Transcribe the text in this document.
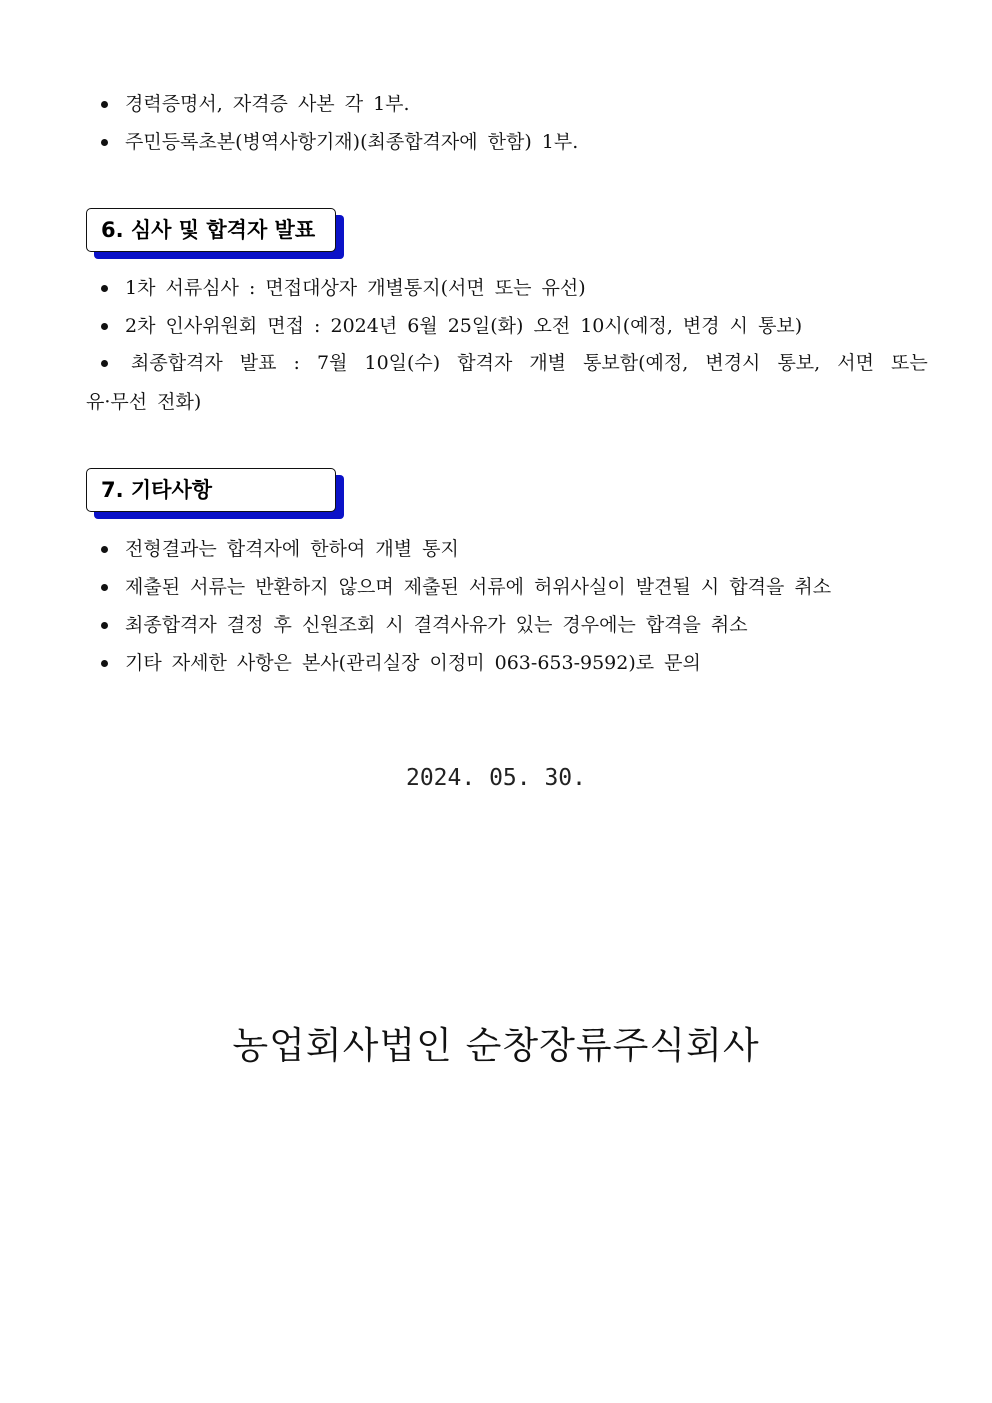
경력증명서, 자격증 사본 각 1부.
주민등록초본(병역사항기재)(최종합격자에 한함) 1부.
6. 심사 및 합격자 발표
1차 서류심사 : 면접대상자 개별통지(서면 또는 유선)
2차 인사위원회 면접 : 2024년 6월 25일(화) 오전 10시(예정, 변경 시 통보)
최종합격자 발표 : 7월 10일(수) 합격자 개별 통보함(예정, 변경시 통보, 서면 또는
유·무선 전화)
7. 기타사항
전형결과는 합격자에 한하여 개별 통지
제출된 서류는 반환하지 않으며 제출된 서류에 허위사실이 발견될 시 합격을 취소
최종합격자 결정 후 신원조회 시 결격사유가 있는 경우에는 합격을 취소
기타 자세한 사항은 본사(관리실장 이정미 063-653-9592)로 문의
2024. 05. 30.
농업회사법인 순창장류주식회사
